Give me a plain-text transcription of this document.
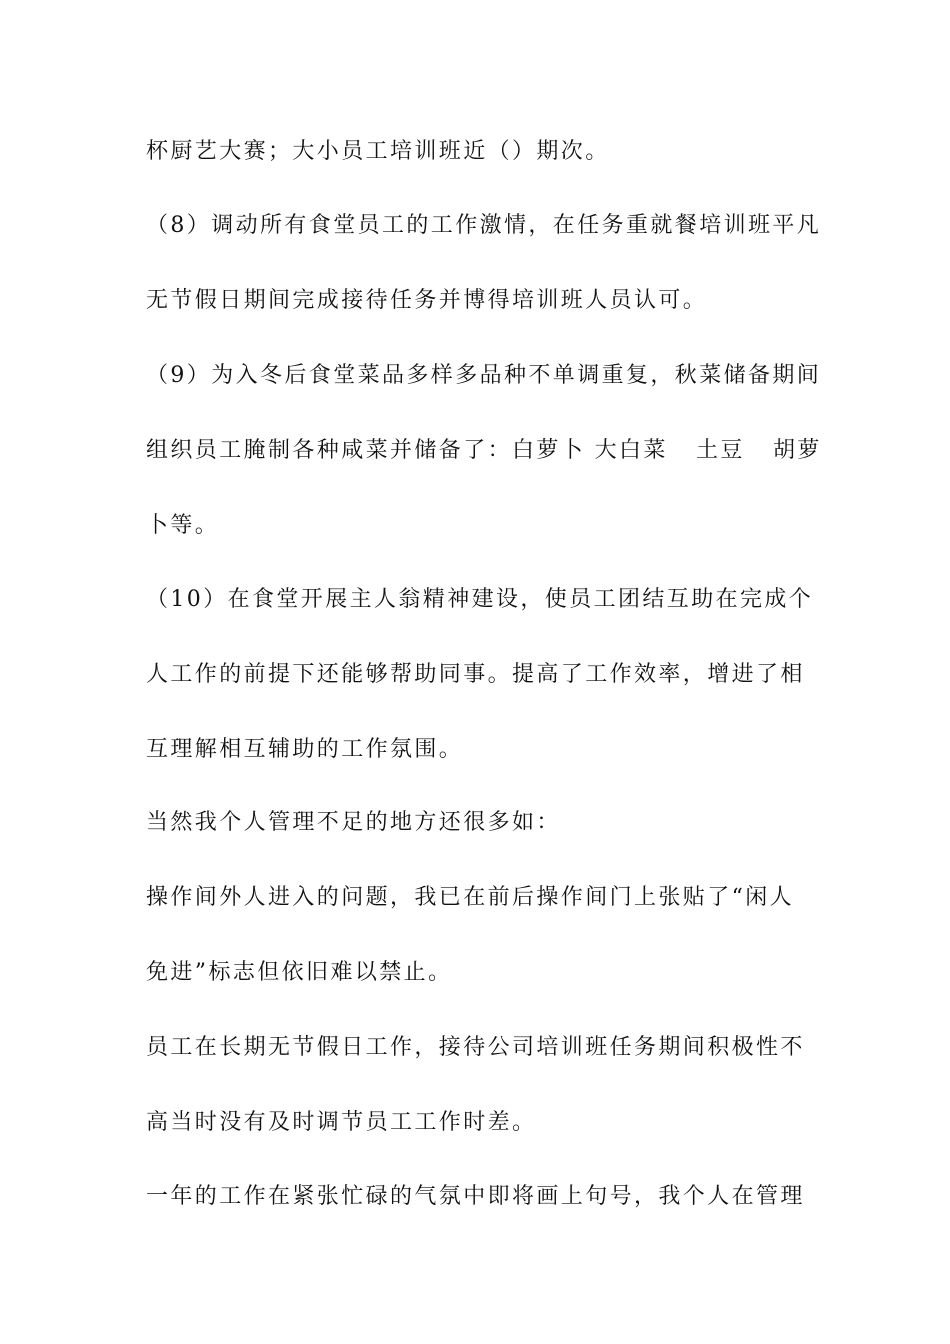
杯厨艺大赛；大小员工培训班近（）期次。
（8）调动所有食堂员工的工作激情，在任务重就餐培训班平凡
无节假日期间完成接待任务并博得培训班人员认可。
（9）为入冬后食堂菜品多样多品种不单调重复，秋菜储备期间
组织员工腌制各种咸菜并储备了：白萝卜 大白菜   土豆   胡萝
卜等。
（10）在食堂开展主人翁精神建设，使员工团结互助在完成个
人工作的前提下还能够帮助同事。提高了工作效率，增进了相
互理解相互辅助的工作氛围。
当然我个人管理不足的地方还很多如：
操作间外人进入的问题，我已在前后操作间门上张贴了“闲人
免进”标志但依旧难以禁止。
员工在长期无节假日工作，接待公司培训班任务期间积极性不
高当时没有及时调节员工工作时差。
一年的工作在紧张忙碌的气氛中即将画上句号，我个人在管理
